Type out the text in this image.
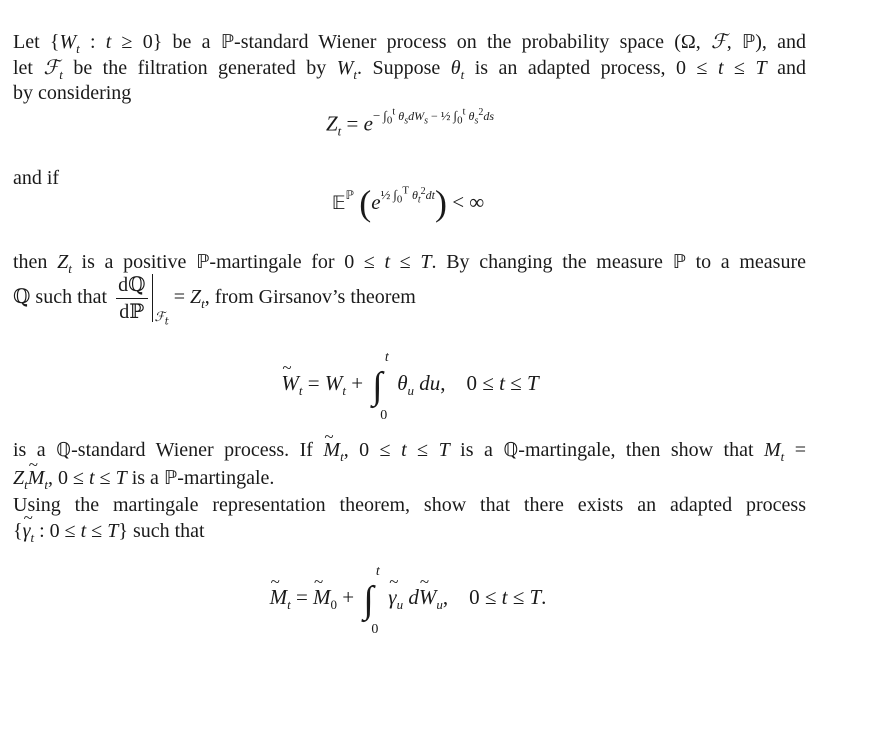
Let {$W_t$ : t ≥ 0} be a ℙ-standard Wiener process on the probability space (Ω, ℱ, ℙ), and
let ℱ$_t$ be the filtration generated by $W_t$. Suppose $\theta_t$ is an adapted process, 0 ≤ t ≤ T and
by considering
$Z_t = e^{- \int_0^t \theta_sdW_s - \frac{1}{2} \int_0^t \theta_s^2ds}$
and if
𝔼$^ℙ$ $(e^{\frac{1}{2} \int_0^T \theta_t^2dt})$ < ∞
then $Z_t$ is a positive ℙ-martingale for 0 ≤ t ≤ T. By changing the measure ℙ to a measure
ℚ such that $\frac{\text{dℚ}}{\text{dℙ}} _{ℱ_t} = Z_t$, from Girsanov’s theorem
~ $W_t = W_t$ + ∫
t
0
$\theta_u$ du,    0 ≤ t ≤ T
is a ℚ-standard Wiener process. If ~ $M_t$, 0 ≤ t ≤ T is a ℚ-martingale, then show that $M_t$ =
$Z_t\sim$ $M_t$, 0 ≤ t ≤ T is a ℙ-martingale.
Using the martingale representation theorem, show that there exists an adapted process
{~ $\gamma_t$ : 0 ≤ t ≤ T} such that
~ $M_t$ = ~ $M_0$ + ∫
t
0
~ $\gamma_u$ d~ $W_u$,    0 ≤ t ≤ T.
